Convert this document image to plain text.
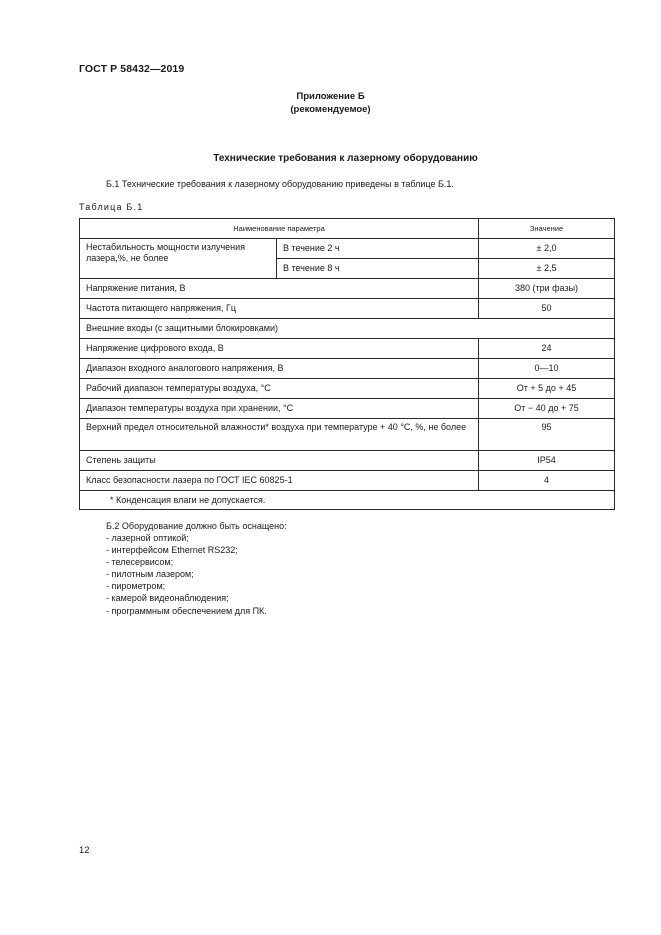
ГОСТ Р 58432—2019
Приложение Б
(рекомендуемое)
Технические требования к лазерному оборудованию
Б.1 Технические требования к лазерному оборудованию приведены в таблице Б.1.
Таблица Б.1
Наименование параметра		Значение
Нестабильность мощности излучения лазера,%, не более	В течение 2 ч	± 2,0
	В течение 8 ч	± 2,5
Напряжение питания, В		380 (три фазы)
Частота питающего напряжения, Гц		50
Внешние входы (с защитными блокировками)		
Напряжение цифрового входа, В		24
Диапазон входного аналогового напряжения, В		0—10
Рабочий диапазон температуры воздуха, °С		От + 5 до + 45
Диапазон температуры воздуха при хранении, °С		От − 40 до + 75
Верхний предел относительной влажности* воздуха при температуре + 40 °С, %, не более		95
Степень защиты		IP54
Класс безопасности лазера по ГОСТ IEC 60825-1		4
* Конденсация влаги не допускается.		
Б.2 Оборудование должно быть оснащено:
- лазерной оптикой;
- интерфейсом Ethernet RS232;
- телесервисом;
- пилотным лазером;
- пирометром;
- камерой видеонаблюдения;
- программным обеспечением для ПК.
12
